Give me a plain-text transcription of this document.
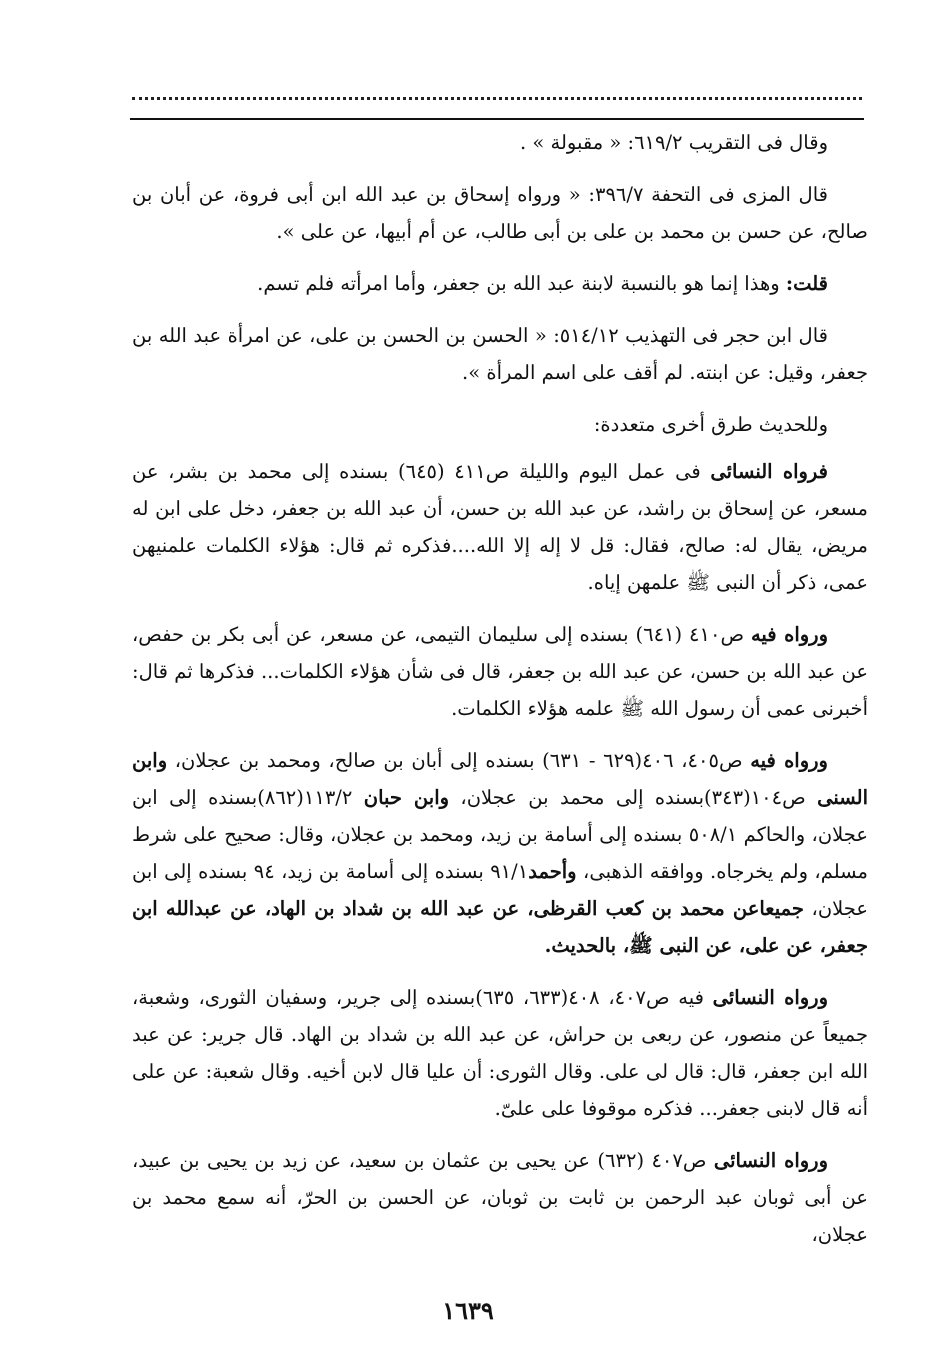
وقال فى التقريب ٦١٩/٢: « مقبولة » .

قال المزى فى التحفة ٣٩٦/٧: « ورواه إسحاق بن عبد الله ابن أبى فروة، عن أبان بن صالح، عن حسن بن محمد بن على بن أبى طالب، عن أم أبيها، عن على ».

قلت: وهذا إنما هو بالنسبة لابنة عبد الله بن جعفر، وأما امرأته فلم تسم.

قال ابن حجر فى التهذيب ٥١٤/١٢: « الحسن بن الحسن بن على، عن امرأة عبد الله بن جعفر، وقيل: عن ابنته. لم أقف على اسم المرأة ».

وللحديث طرق أخرى متعددة:

فرواه النسائى فى عمل اليوم والليلة ص٤١١ (٦٤٥) بسنده إلى محمد بن بشر، عن مسعر، عن إسحاق بن راشد، عن عبد الله بن حسن، أن عبد الله بن جعفر، دخل على ابن له مريض، يقال له: صالح، فقال: قل لا إله إلا الله....فذكره ثم قال: هؤلاء الكلمات علمنيهن عمى، ذكر أن النبى ﷺ علمهن إياه.

ورواه فيه ص٤١٠ (٦٤١) بسنده إلى سليمان التيمى، عن مسعر، عن أبى بكر بن حفص، عن عبد الله بن حسن، عن عبد الله بن جعفر، قال فى شأن هؤلاء الكلمات... فذكرها ثم قال: أخبرنى عمى أن رسول الله ﷺ علمه هؤلاء الكلمات.

ورواه فيه ص٤٠٥، ٤٠٦(٦٢٩ - ٦٣١) بسنده إلى أبان بن صالح، ومحمد بن عجلان، وابن السنى ص١٠٤(٣٤٣)بسنده إلى محمد بن عجلان، وابن حبان ١١٣/٢(٨٦٢)بسنده إلى ابن عجلان، والحاكم ٥٠٨/١ بسنده إلى أسامة بن زيد، ومحمد بن عجلان، وقال: صحيح على شرط مسلم، ولم يخرجاه. ووافقه الذهبى، وأحمد٩١/١ بسنده إلى أسامة بن زيد، ٩٤ بسنده إلى ابن عجلان، جميعاعن محمد بن كعب القرظى، عن عبد الله بن شداد بن الهاد، عن عبدالله ابن جعفر، عن على، عن النبى ﷺ، بالحديث.

ورواه النسائى فيه ص٤٠٧، ٤٠٨(٦٣٣، ٦٣٥)بسنده إلى جرير، وسفيان الثورى، وشعبة، جميعاً عن منصور، عن ربعى بن حراش، عن عبد الله بن شداد بن الهاد. قال جرير: عن عبد الله ابن جعفر، قال: قال لى على. وقال الثورى: أن عليا قال لابن أخيه. وقال شعبة: عن على أنه قال لابنى جعفر... فذكره موقوفا على علىّ.

ورواه النسائى ص٤٠٧ (٦٣٢) عن يحيى بن عثمان بن سعيد، عن زيد بن يحيى بن عبيد، عن أبى ثوبان عبد الرحمن بن ثابت بن ثوبان، عن الحسن بن الحرّ، أنه سمع محمد بن عجلان،

١٦٣٩
